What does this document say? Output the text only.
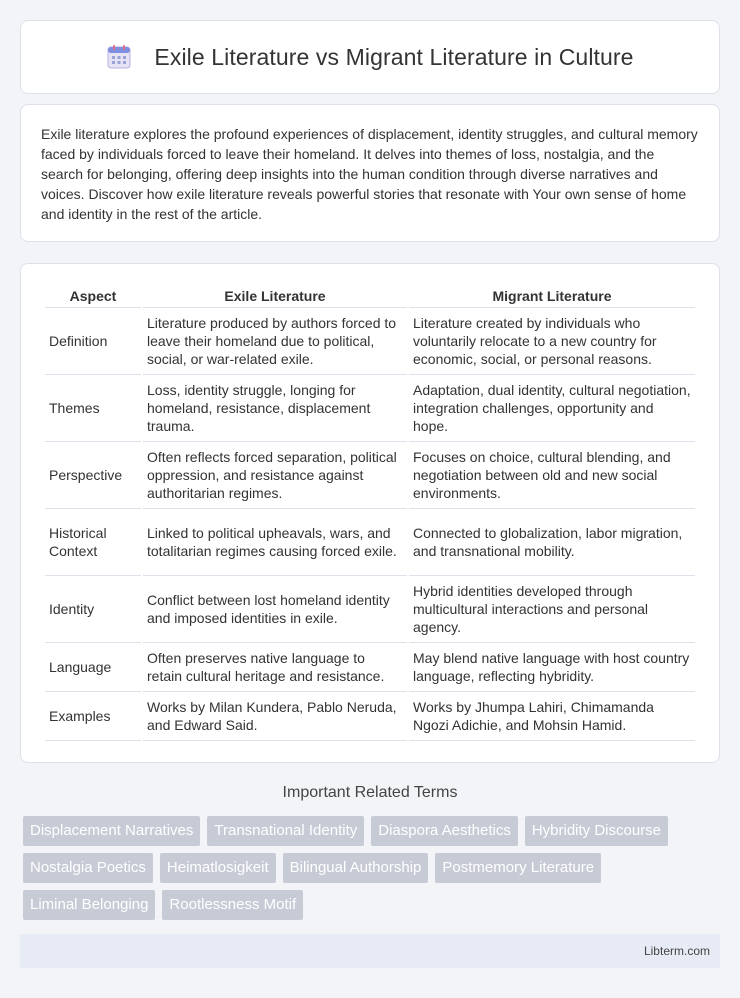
Exile Literature vs Migrant Literature in Culture

Exile literature explores the profound experiences of displacement, identity struggles, and cultural memory faced by individuals forced to leave their homeland. It delves into themes of loss, nostalgia, and the search for belonging, offering deep insights into the human condition through diverse narratives and voices. Discover how exile literature reveals powerful stories that resonate with Your own sense of home and identity in the rest of the article.

Aspect	Exile Literature	Migrant Literature
Definition	Literature produced by authors forced to leave their homeland due to political, social, or war-related exile.	Literature created by individuals who voluntarily relocate to a new country for economic, social, or personal reasons.
Themes	Loss, identity struggle, longing for homeland, resistance, displacement trauma.	Adaptation, dual identity, cultural negotiation, integration challenges, opportunity and hope.
Perspective	Often reflects forced separation, political oppression, and resistance against authoritarian regimes.	Focuses on choice, cultural blending, and negotiation between old and new social environments.
Historical Context	Linked to political upheavals, wars, and totalitarian regimes causing forced exile.	Connected to globalization, labor migration, and transnational mobility.
Identity	Conflict between lost homeland identity and imposed identities in exile.	Hybrid identities developed through multicultural interactions and personal agency.
Language	Often preserves native language to retain cultural heritage and resistance.	May blend native language with host country language, reflecting hybridity.
Examples	Works by Milan Kundera, Pablo Neruda, and Edward Said.	Works by Jhumpa Lahiri, Chimamanda Ngozi Adichie, and Mohsin Hamid.
Important Related Terms
Displacement Narratives	Transnational Identity	Diaspora Aesthetics	Hybridity Discourse
Nostalgia Poetics	Heimatlosigkeit	Bilingual Authorship	Postmemory Literature
Liminal Belonging	Rootlessness Motif
Libterm.com
